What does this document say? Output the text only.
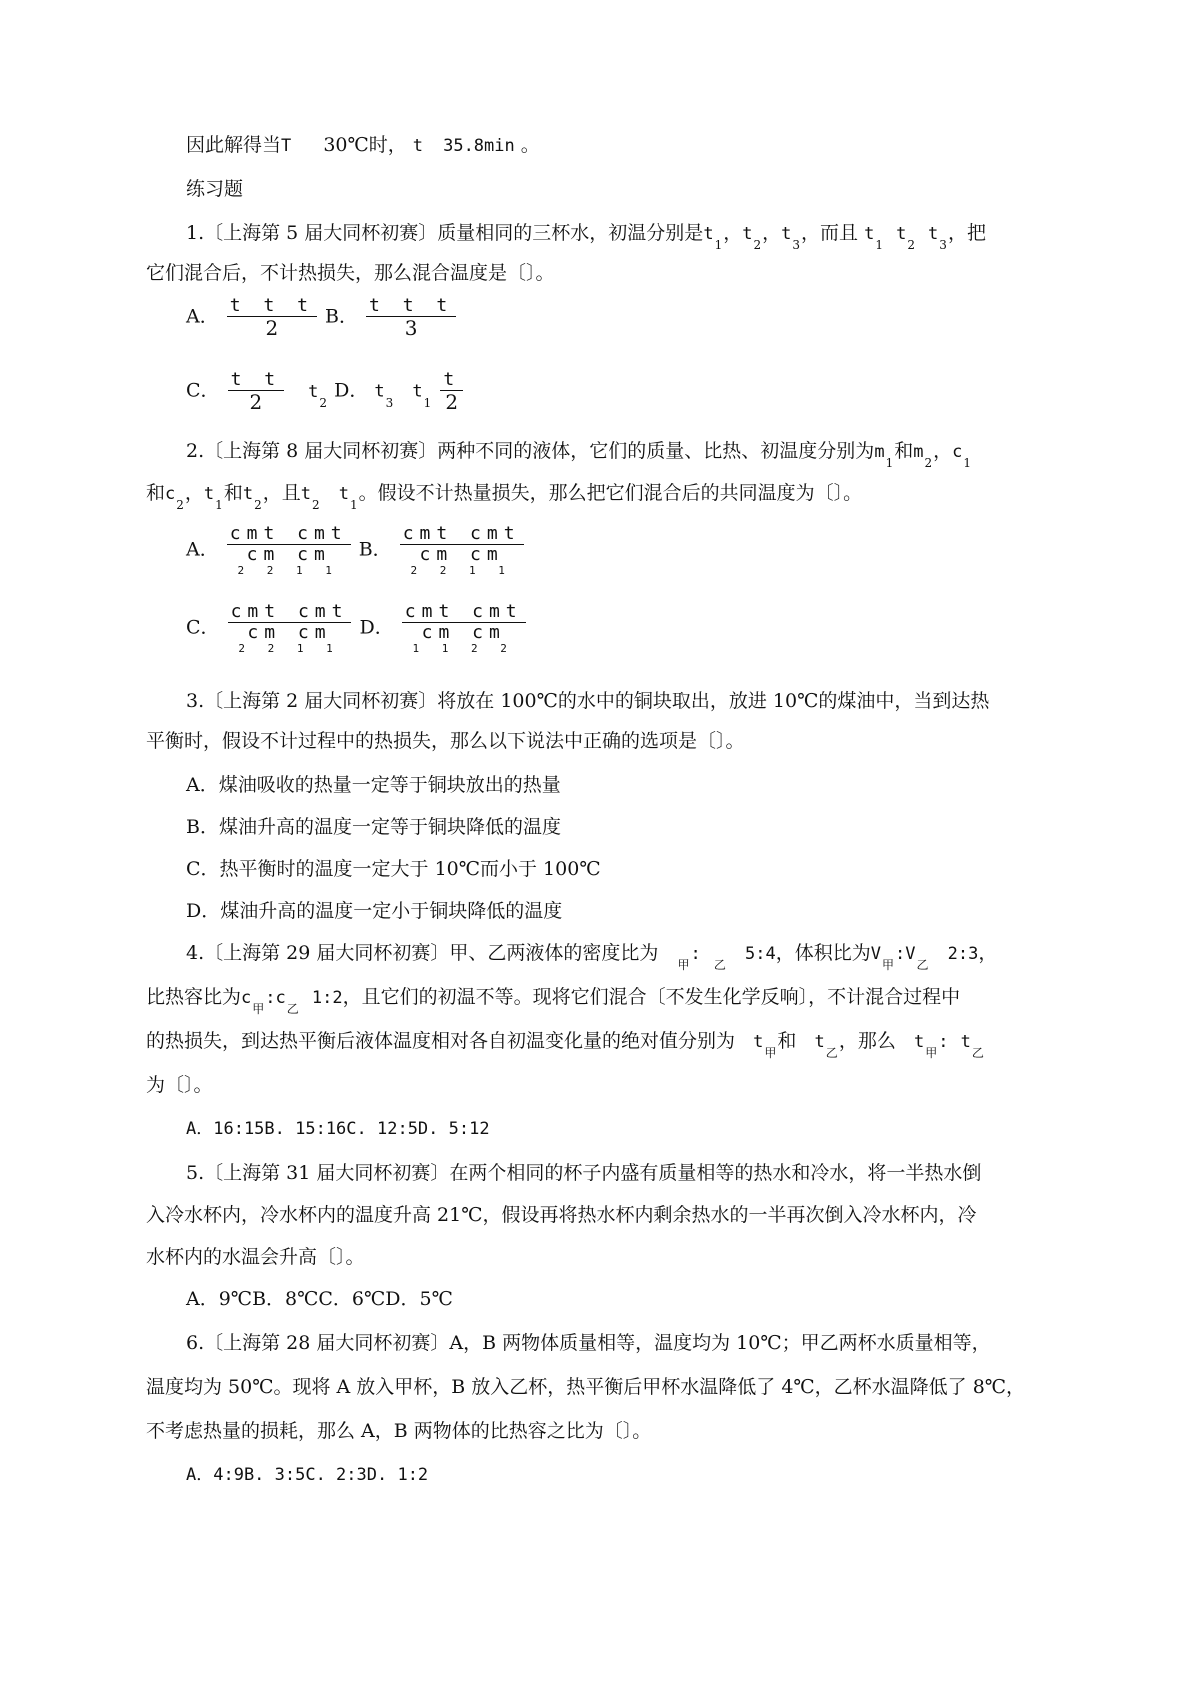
因此解得当T 30℃时， t 35.8min 。
练习题
1.〔上海第 5 届大同杯初赛〕质量相同的三杯水，初温分别是$t_1$，$t_2$，$t_3$，而且 $t_1$  $t_2$  $t_3$，把
它们混合后，不计热损失，那么混合温度是〔〕。
A． $\frac{\text{t t t}}{2}$ B． $\frac{\text{t t t}}{3}$
C． $\frac{\text{t t}}{2} t_2$ D． $t_3$   $t_1 \frac{t}{2}$
2.〔上海第 8 届大同杯初赛〕两种不同的液体，它们的质量、比热、初温度分别为$m_1$和$m_2$，$c_1$
和$c_2$，$t_1$和$t_2$，且$t_2$   $t_1$。假设不计热量损失，那么把它们混合后的共同温度为〔〕。
A．
cmt cmt
cm cm
2 2 1 1
B．
cmt cmt
cm cm
2 2 1 1
C．
cmt cmt
cm cm
2 2 1 1
D．
cmt cmt
cm cm
1 1 2 2
3.〔上海第 2 届大同杯初赛〕将放在 100℃的水中的铜块取出，放进 10℃的煤油中，当到达热
平衡时，假设不计过程中的热损失，那么以下说法中正确的选项是〔〕。
A．煤油吸收的热量一定等于铜块放出的热量
B．煤油升高的温度一定等于铜块降低的温度
C．热平衡时的温度一定大于 10℃而小于 100℃
D．煤油升高的温度一定小于铜块降低的温度
4.〔上海第 29 届大同杯初赛〕甲、乙两液体的密度比为   $_甲$:  $_乙$   5:4，体积比为$V_甲:V_乙$   2:3，
比热容比为$c_甲:c_乙$  1:2，且它们的初温不等。现将它们混合〔不发生化学反响〕，不计混合过程中
的热损失，到达热平衡后液体温度相对各自初温变化量的绝对值分别为 $t_甲$和 $t_乙$，那么 $t_甲$: $t_乙$
为〔〕。
A．16:15B. 15:16C. 12:5D. 5:12
5.〔上海第 31 届大同杯初赛〕在两个相同的杯子内盛有质量相等的热水和冷水，将一半热水倒
入冷水杯内，冷水杯内的温度升高 21℃，假设再将热水杯内剩余热水的一半再次倒入冷水杯内，冷
水杯内的水温会升高〔〕。
A．9℃B．8℃C．6℃D．5℃
6.〔上海第 28 届大同杯初赛〕A，B 两物体质量相等，温度均为 10℃；甲乙两杯水质量相等，
温度均为 50℃。现将 A 放入甲杯，B 放入乙杯，热平衡后甲杯水温降低了 4℃，乙杯水温降低了 8℃，
不考虑热量的损耗，那么 A，B 两物体的比热容之比为〔〕。
A．4:9B. 3:5C. 2:3D. 1:2
